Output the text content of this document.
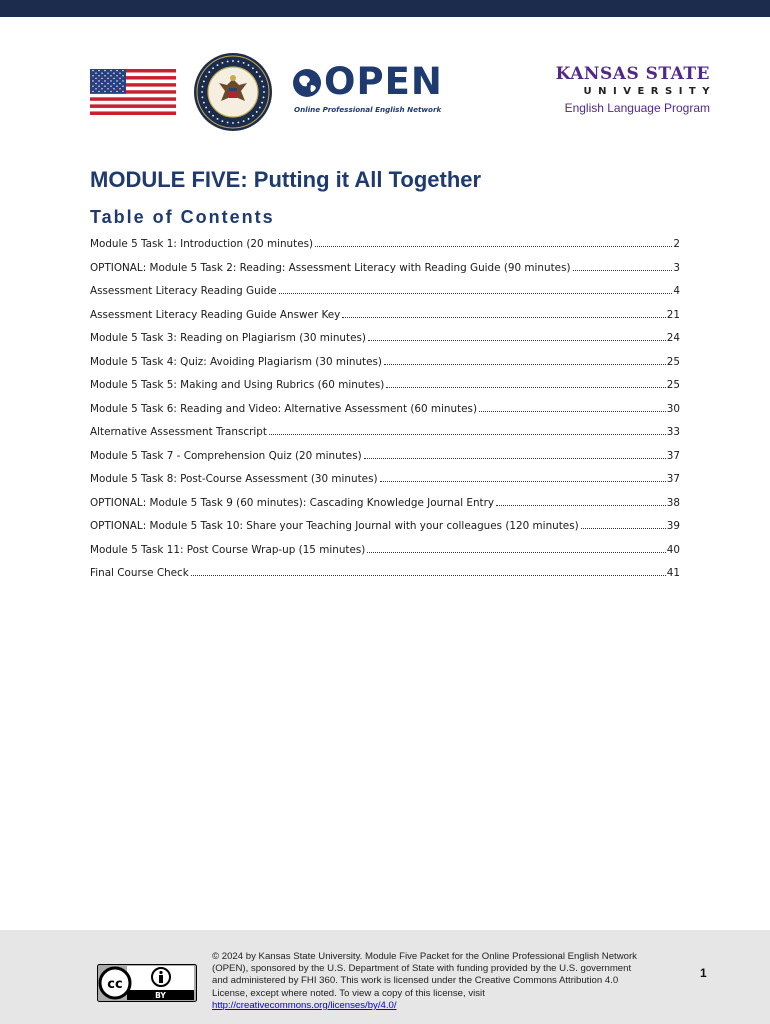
OPEN
Online Professional English Network
KANSAS STATE
UNIVERSITY
English Language Program
MODULE FIVE: Putting it All Together
Table of Contents
Module 5 Task 1: Introduction (20 minutes)	2
OPTIONAL: Module 5 Task 2: Reading: Assessment Literacy with Reading Guide (90 minutes)	3
Assessment Literacy Reading Guide	4
Assessment Literacy Reading Guide Answer Key	21
Module 5 Task 3: Reading on Plagiarism (30 minutes)	24
Module 5 Task 4: Quiz: Avoiding Plagiarism (30 minutes)	25
Module 5 Task 5: Making and Using Rubrics (60 minutes)	25
Module 5 Task 6: Reading and Video: Alternative Assessment (60 minutes)	30
Alternative Assessment Transcript	33
Module 5 Task 7 - Comprehension Quiz (20 minutes)	37
Module 5 Task 8: Post-Course Assessment (30 minutes)	37
OPTIONAL: Module 5 Task 9 (60 minutes): Cascading Knowledge Journal Entry	38
OPTIONAL: Module 5 Task 10: Share your Teaching Journal with your colleagues (120 minutes)	39
Module 5 Task 11: Post Course Wrap-up (15 minutes)	40
Final Course Check	41
cc
BY
© 2024 by Kansas State University. Module Five Packet for the Online Professional English Network (OPEN), sponsored by the U.S. Department of State with funding provided by the U.S. government and administered by FHI 360. This work is licensed under the Creative Commons Attribution 4.0 License, except where noted. To view a copy of this license, visit http://creativecommons.org/licenses/by/4.0/
1
